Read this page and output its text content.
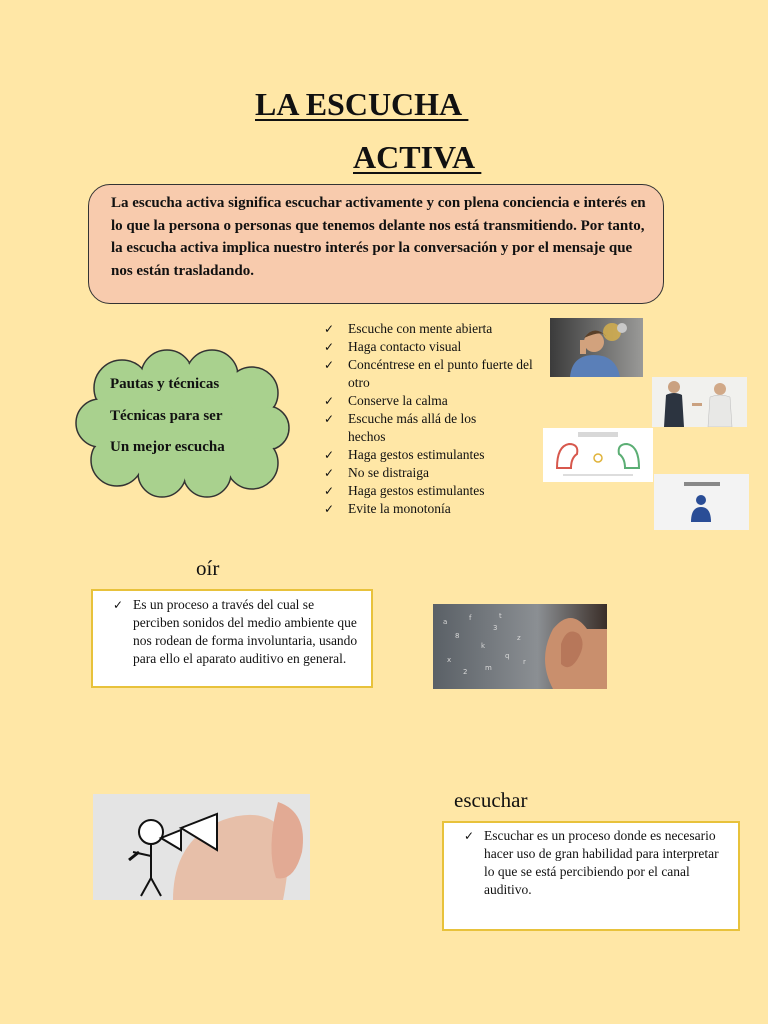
LA ESCUCHA
ACTIVA

La escucha activa significa escuchar activamente y con plena conciencia e interés en lo que la persona o personas que tenemos delante nos está transmitiendo. Por tanto, la escucha activa implica nuestro interés por la conversación y por el mensaje que nos están trasladando.

Pautas y técnicas
Técnicas para ser
Un mejor escucha
✓ Escuche con mente abierta
✓ Haga contacto visual
✓ Concéntrese en el punto fuerte del otro
✓ Conserve la calma
✓ Escuche más allá de los hechos
✓ Haga gestos estimulantes
✓ No se distraiga
✓ Haga gestos estimulantes
✓ Evite la monotonía
oír
✓ Es un proceso a través del cual se perciben sonidos del medio ambiente que nos rodean de forma involuntaria, usando para ello el aparato auditivo en general.
a
8
f
k
3
q
z
x
2	m
t
r
escuchar
✓ Escuchar es un proceso donde es necesario hacer uso de gran habilidad para interpretar lo que se está percibiendo por el canal auditivo.
